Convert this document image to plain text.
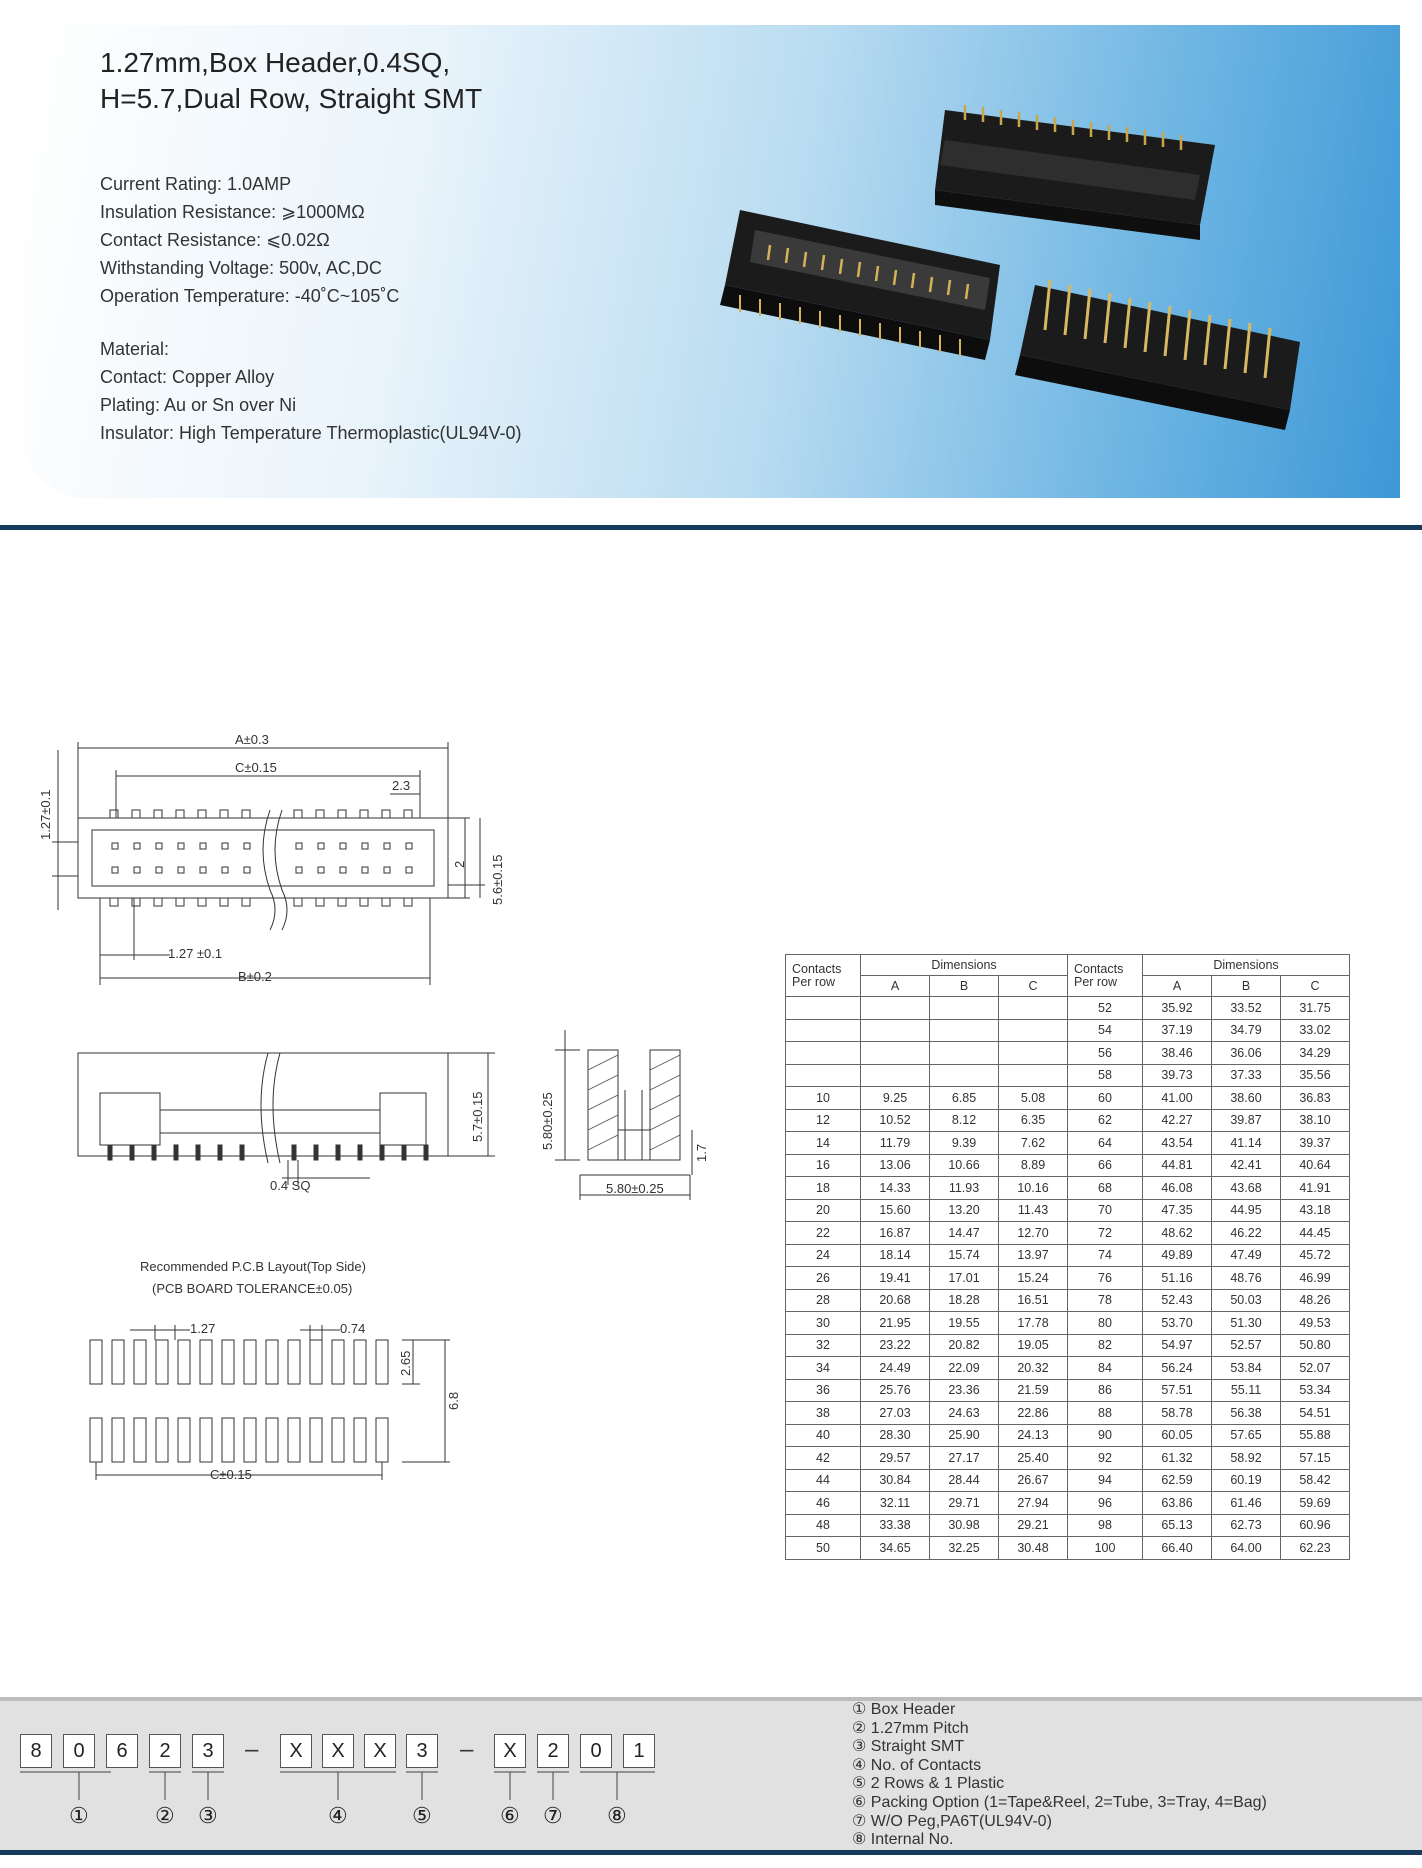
1.27mm,Box Header,0.4SQ,
H=5.7,Dual Row, Straight SMT
Current Rating: 1.0AMP
Insulation Resistance: ⩾1000MΩ
Contact Resistance: ⩽0.02Ω
Withstanding Voltage: 500v, AC,DC
Operation Temperature: -40˚C~105˚C
Material:
Contact: Copper Alloy
Plating: Au or Sn over Ni
Insulator: High Temperature Thermoplastic(UL94V-0)
A±0.3
C±0.15
2.3
1.27±0.1
2 5.6±0.15
1.27 ±0.1
B±0.2
5.7±0.15
0.4 SQ
Recommended P.C.B Layout(Top Side)
(PCB BOARD TOLERANCE±0.05)
1.27	0.74
2.65
6.8
C±0.15
5.80±0.25
1.7
5.80±0.25
Contacts
Per row	Dimensions			Contacts
Per row	Dimensions		
	A	B	C		A	B	C
				52	35.92	33.52	31.75
				54	37.19	34.79	33.02
				56	38.46	36.06	34.29
				58	39.73	37.33	35.56
10	9.25	6.85	5.08	60	41.00	38.60	36.83
12	10.52	8.12	6.35	62	42.27	39.87	38.10
14	11.79	9.39	7.62	64	43.54	41.14	39.37
16	13.06	10.66	8.89	66	44.81	42.41	40.64
18	14.33	11.93	10.16	68	46.08	43.68	41.91
20	15.60	13.20	11.43	70	47.35	44.95	43.18
22	16.87	14.47	12.70	72	48.62	46.22	44.45
24	18.14	15.74	13.97	74	49.89	47.49	45.72
26	19.41	17.01	15.24	76	51.16	48.76	46.99
28	20.68	18.28	16.51	78	52.43	50.03	48.26
30	21.95	19.55	17.78	80	53.70	51.30	49.53
32	23.22	20.82	19.05	82	54.97	52.57	50.80
34	24.49	22.09	20.32	84	56.24	53.84	52.07
36	25.76	23.36	21.59	86	57.51	55.11	53.34
38	27.03	24.63	22.86	88	58.78	56.38	54.51
40	28.30	25.90	24.13	90	60.05	57.65	55.88
42	29.57	27.17	25.40	92	61.32	58.92	57.15
44	30.84	28.44	26.67	94	62.59	60.19	58.42
46	32.11	29.71	27.94	96	63.86	61.46	59.69
48	33.38	30.98	29.21	98	65.13	62.73	60.96
50	34.65	32.25	30.48	100	66.40	64.00	62.23
8	0	6	2	3	–	X	X	X	3	–	X	2	0	1
①	② ③	④	⑤	⑥ ⑦ ⑧
① Box Header
② 1.27mm Pitch
③ Straight SMT
④ No. of Contacts
⑤ 2 Rows & 1 Plastic
⑥ Packing Option (1=Tape&Reel, 2=Tube, 3=Tray, 4=Bag)
⑦ W/O Peg,PA6T(UL94V-0)
⑧ Internal No.
